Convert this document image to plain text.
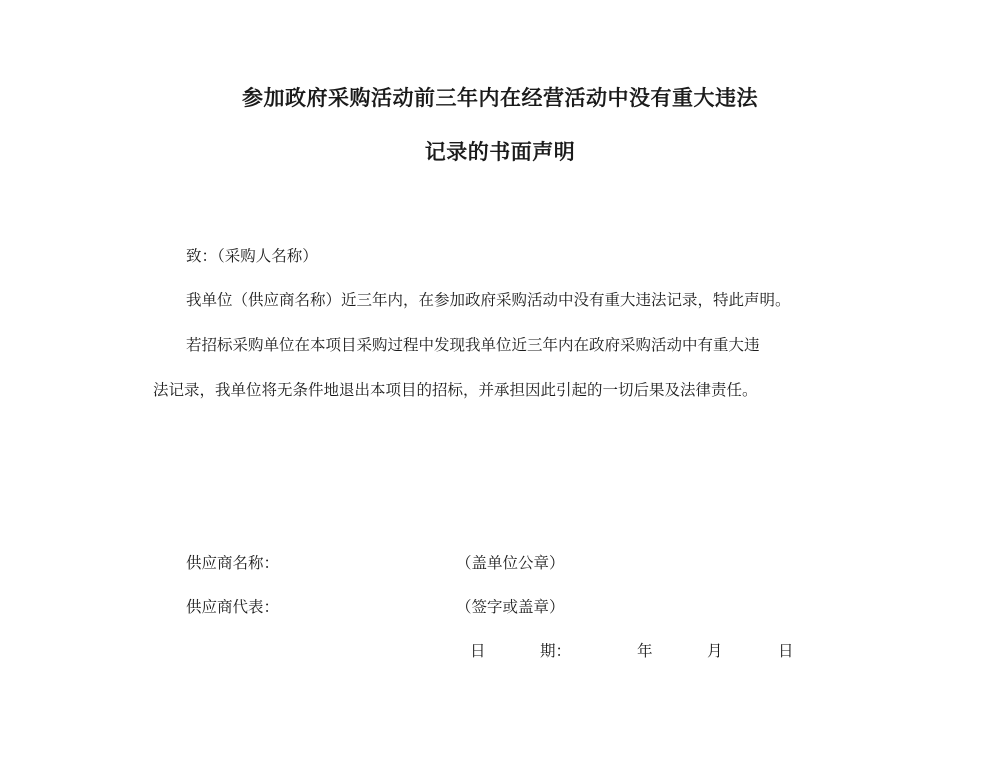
参加政府采购活动前三年内在经营活动中没有重大违法
记录的书面声明
致：（采购人名称）
我单位（供应商名称）近三年内，在参加政府采购活动中没有重大违法记录，特此声明。
若招标采购单位在本项目采购过程中发现我单位近三年内在政府采购活动中有重大违
法记录，我单位将无条件地退出本项目的招标，并承担因此引起的一切后果及法律责任。
供应商名称：	（盖单位公章）
供应商代表：	（签字或盖章）
日	期：	年	月	日
